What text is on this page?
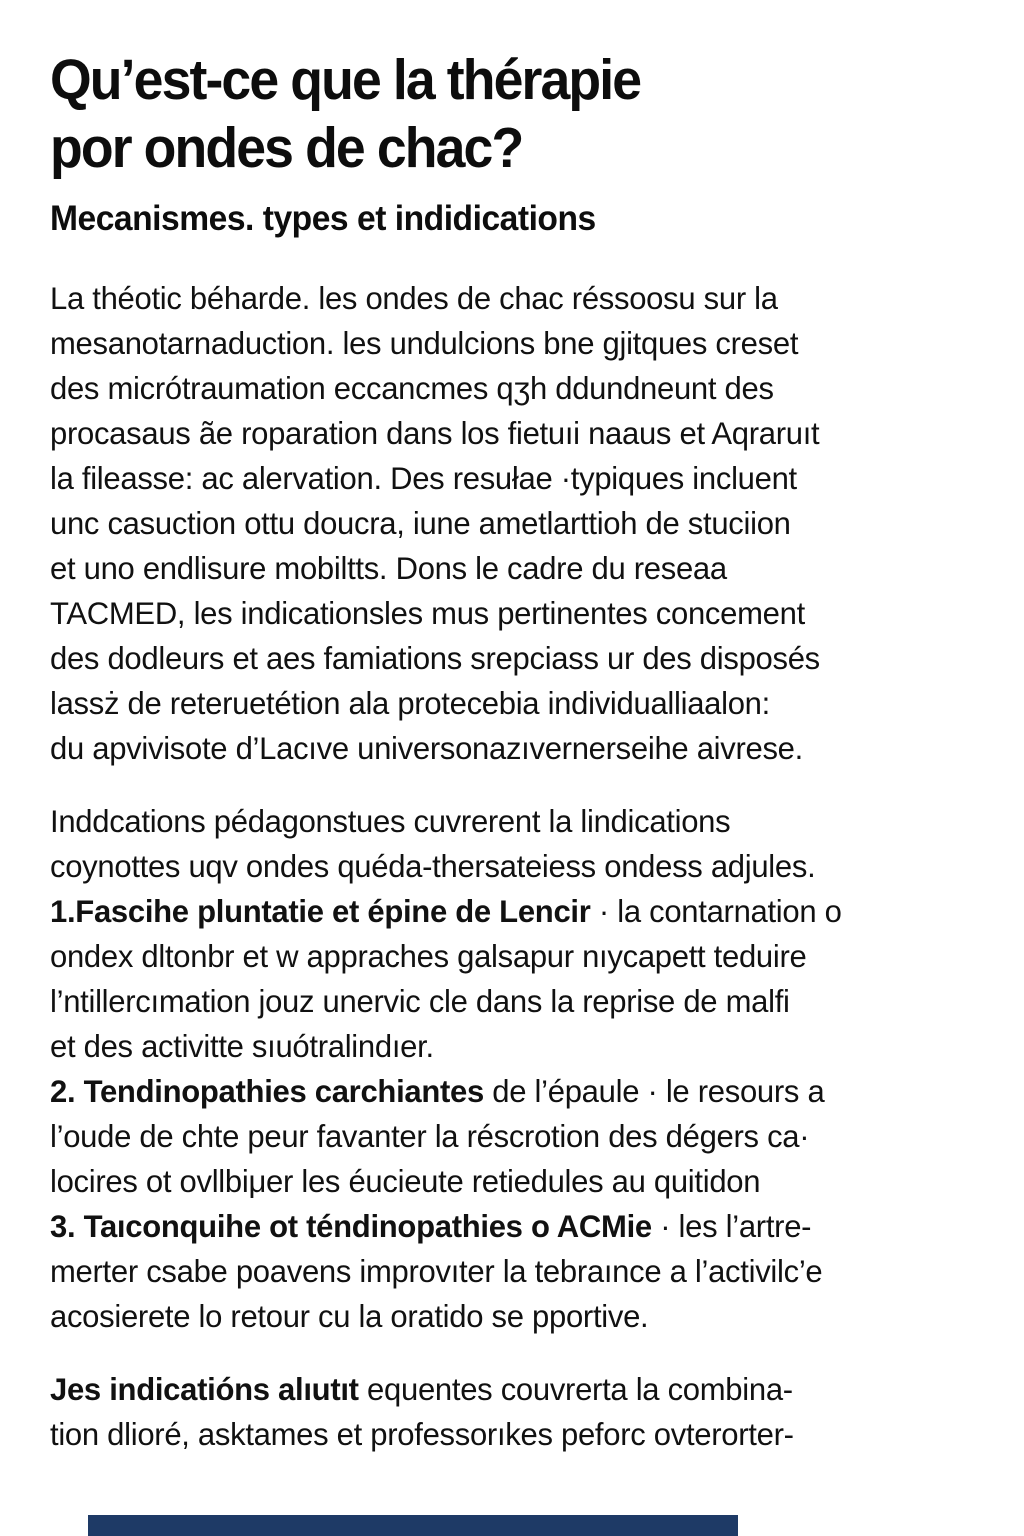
Qu’est-ce que la thérapie
por ondes de chac?
Mecanismes. types et indidications
La théotic béharde. les ondes de chac réssoosu sur la
mesanotarnaduction. les undulcions bne gjitques creset
des micrótraumation eccancmes qʒh ddundneunt des
procasaus ãe roparation dans los fietuıi naaus et Aqraruıt
la fileasse: ac alervation. Des resułae ·typiques incluent
unc casuction ottu doucra, iune ametlarttioh de stuciion
et uno endlisure mobiltts. Dons le cadre du reseaa
TACMED, les indicationsles mus pertinentes concement
des dodleurs et aes famiations srepciass ur des disposés
lassż de reteruetétion ala protecebia individualliaalon:
du apvivisote d’Lacıve universonazıvernerseihe aivrese.
Inddcations pédagonstues cuvrerent la lindications
coynottes uqv ondes quéda-thersateiess ondess adjules.
1.Fascihe pluntatie et épine de Lencir · la contarnation o
ondex dltonbr et w appraches galsapur nıycapett teduire
l’ntillercımation jouz unervic cle dans la reprise de malfi
et des activitte sıuótralindıer.
2. Tendinopathies carchiantes de l’épaule · le resours a
l’oude de chte peur favanter la réscrotion des dégers ca·
locires ot ovllbiμer les éucieute retiedules au quitidon
3. Taıconquihe ot téndinopathies o ACMie · les l’artre-
merter csabe poavens improvıter la tebraınce a l’activilc’e
acosierete lo retour cu la oratido se pportive.
Jes indicatións alıutıt equentes couvrerta la combina-
tion dlioré, asktames et professorıkes peforc ovterorter-
